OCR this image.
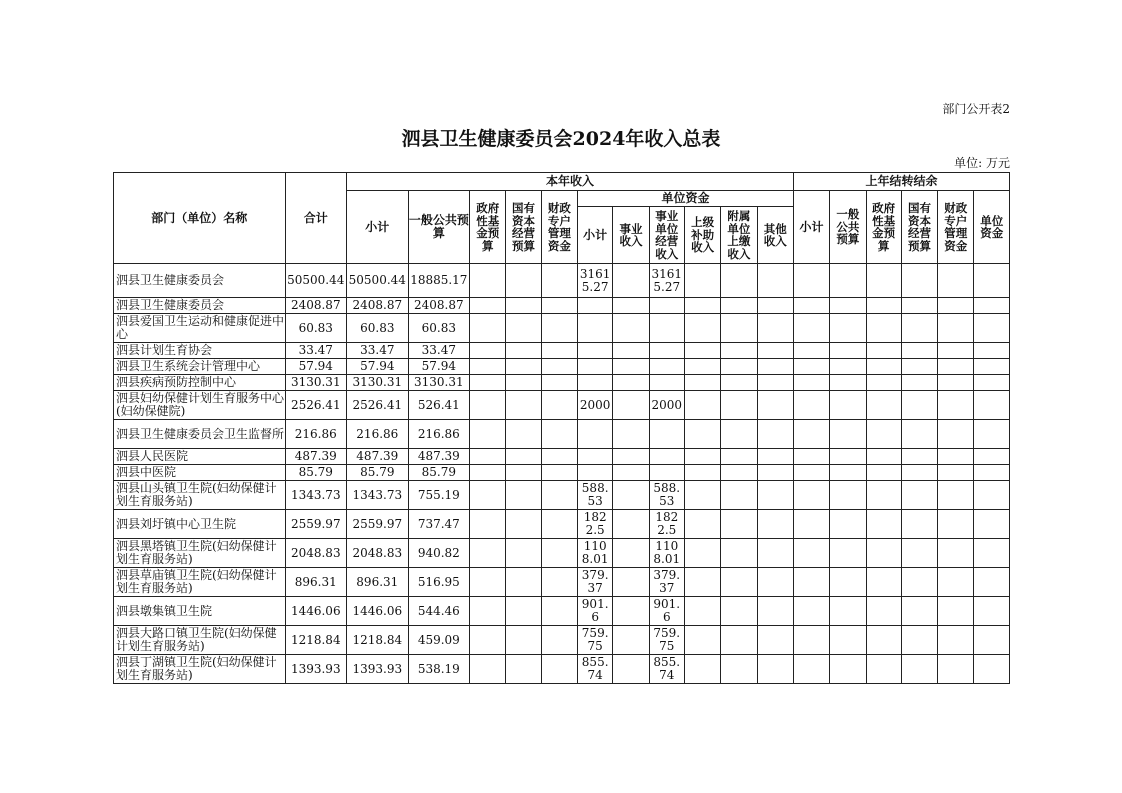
部门公开表2
泗县卫生健康委员会2024年收入总表
单位: 万元
部门（单位）名称	合计	本年收入											上年结转结余					
		小计	一般公共预算	政府性基金预算	国有资本经营预算	财政专户管理资金	单位资金						小计	一般公共预算	政府性基金预算	国有资本经营预算	财政专户管理资金	单位资金
							小计	事业收入	事业单位经营收入	上级补助收入	附属单位上缴收入	其他收入						
泗县卫生健康委员会	50500.44	50500.44	18885.17				31615.27		31615.27									
泗县卫生健康委员会	2408.87	2408.87	2408.87															
泗县爱国卫生运动和健康促进中心	60.83	60.83	60.83															
泗县计划生育协会	33.47	33.47	33.47															
泗县卫生系统会计管理中心	57.94	57.94	57.94															
泗县疾病预防控制中心	3130.31	3130.31	3130.31															
泗县妇幼保健计划生育服务中心(妇幼保健院)	2526.41	2526.41	526.41				2000		2000									
泗县卫生健康委员会卫生监督所	216.86	216.86	216.86															
泗县人民医院	487.39	487.39	487.39															
泗县中医院	85.79	85.79	85.79															
泗县山头镇卫生院(妇幼保健计划生育服务站)	1343.73	1343.73	755.19				588.53		588.53									
泗县刘圩镇中心卫生院	2559.97	2559.97	737.47				1822.5		1822.5									
泗县黑塔镇卫生院(妇幼保健计划生育服务站)	2048.83	2048.83	940.82				1108.01		1108.01									
泗县草庙镇卫生院(妇幼保健计划生育服务站)	896.31	896.31	516.95				379.37		379.37									
泗县墩集镇卫生院	1446.06	1446.06	544.46				901.6		901.6									
泗县大路口镇卫生院(妇幼保健计划生育服务站)	1218.84	1218.84	459.09				759.75		759.75									
泗县丁湖镇卫生院(妇幼保健计划生育服务站)	1393.93	1393.93	538.19				855.74		855.74									
